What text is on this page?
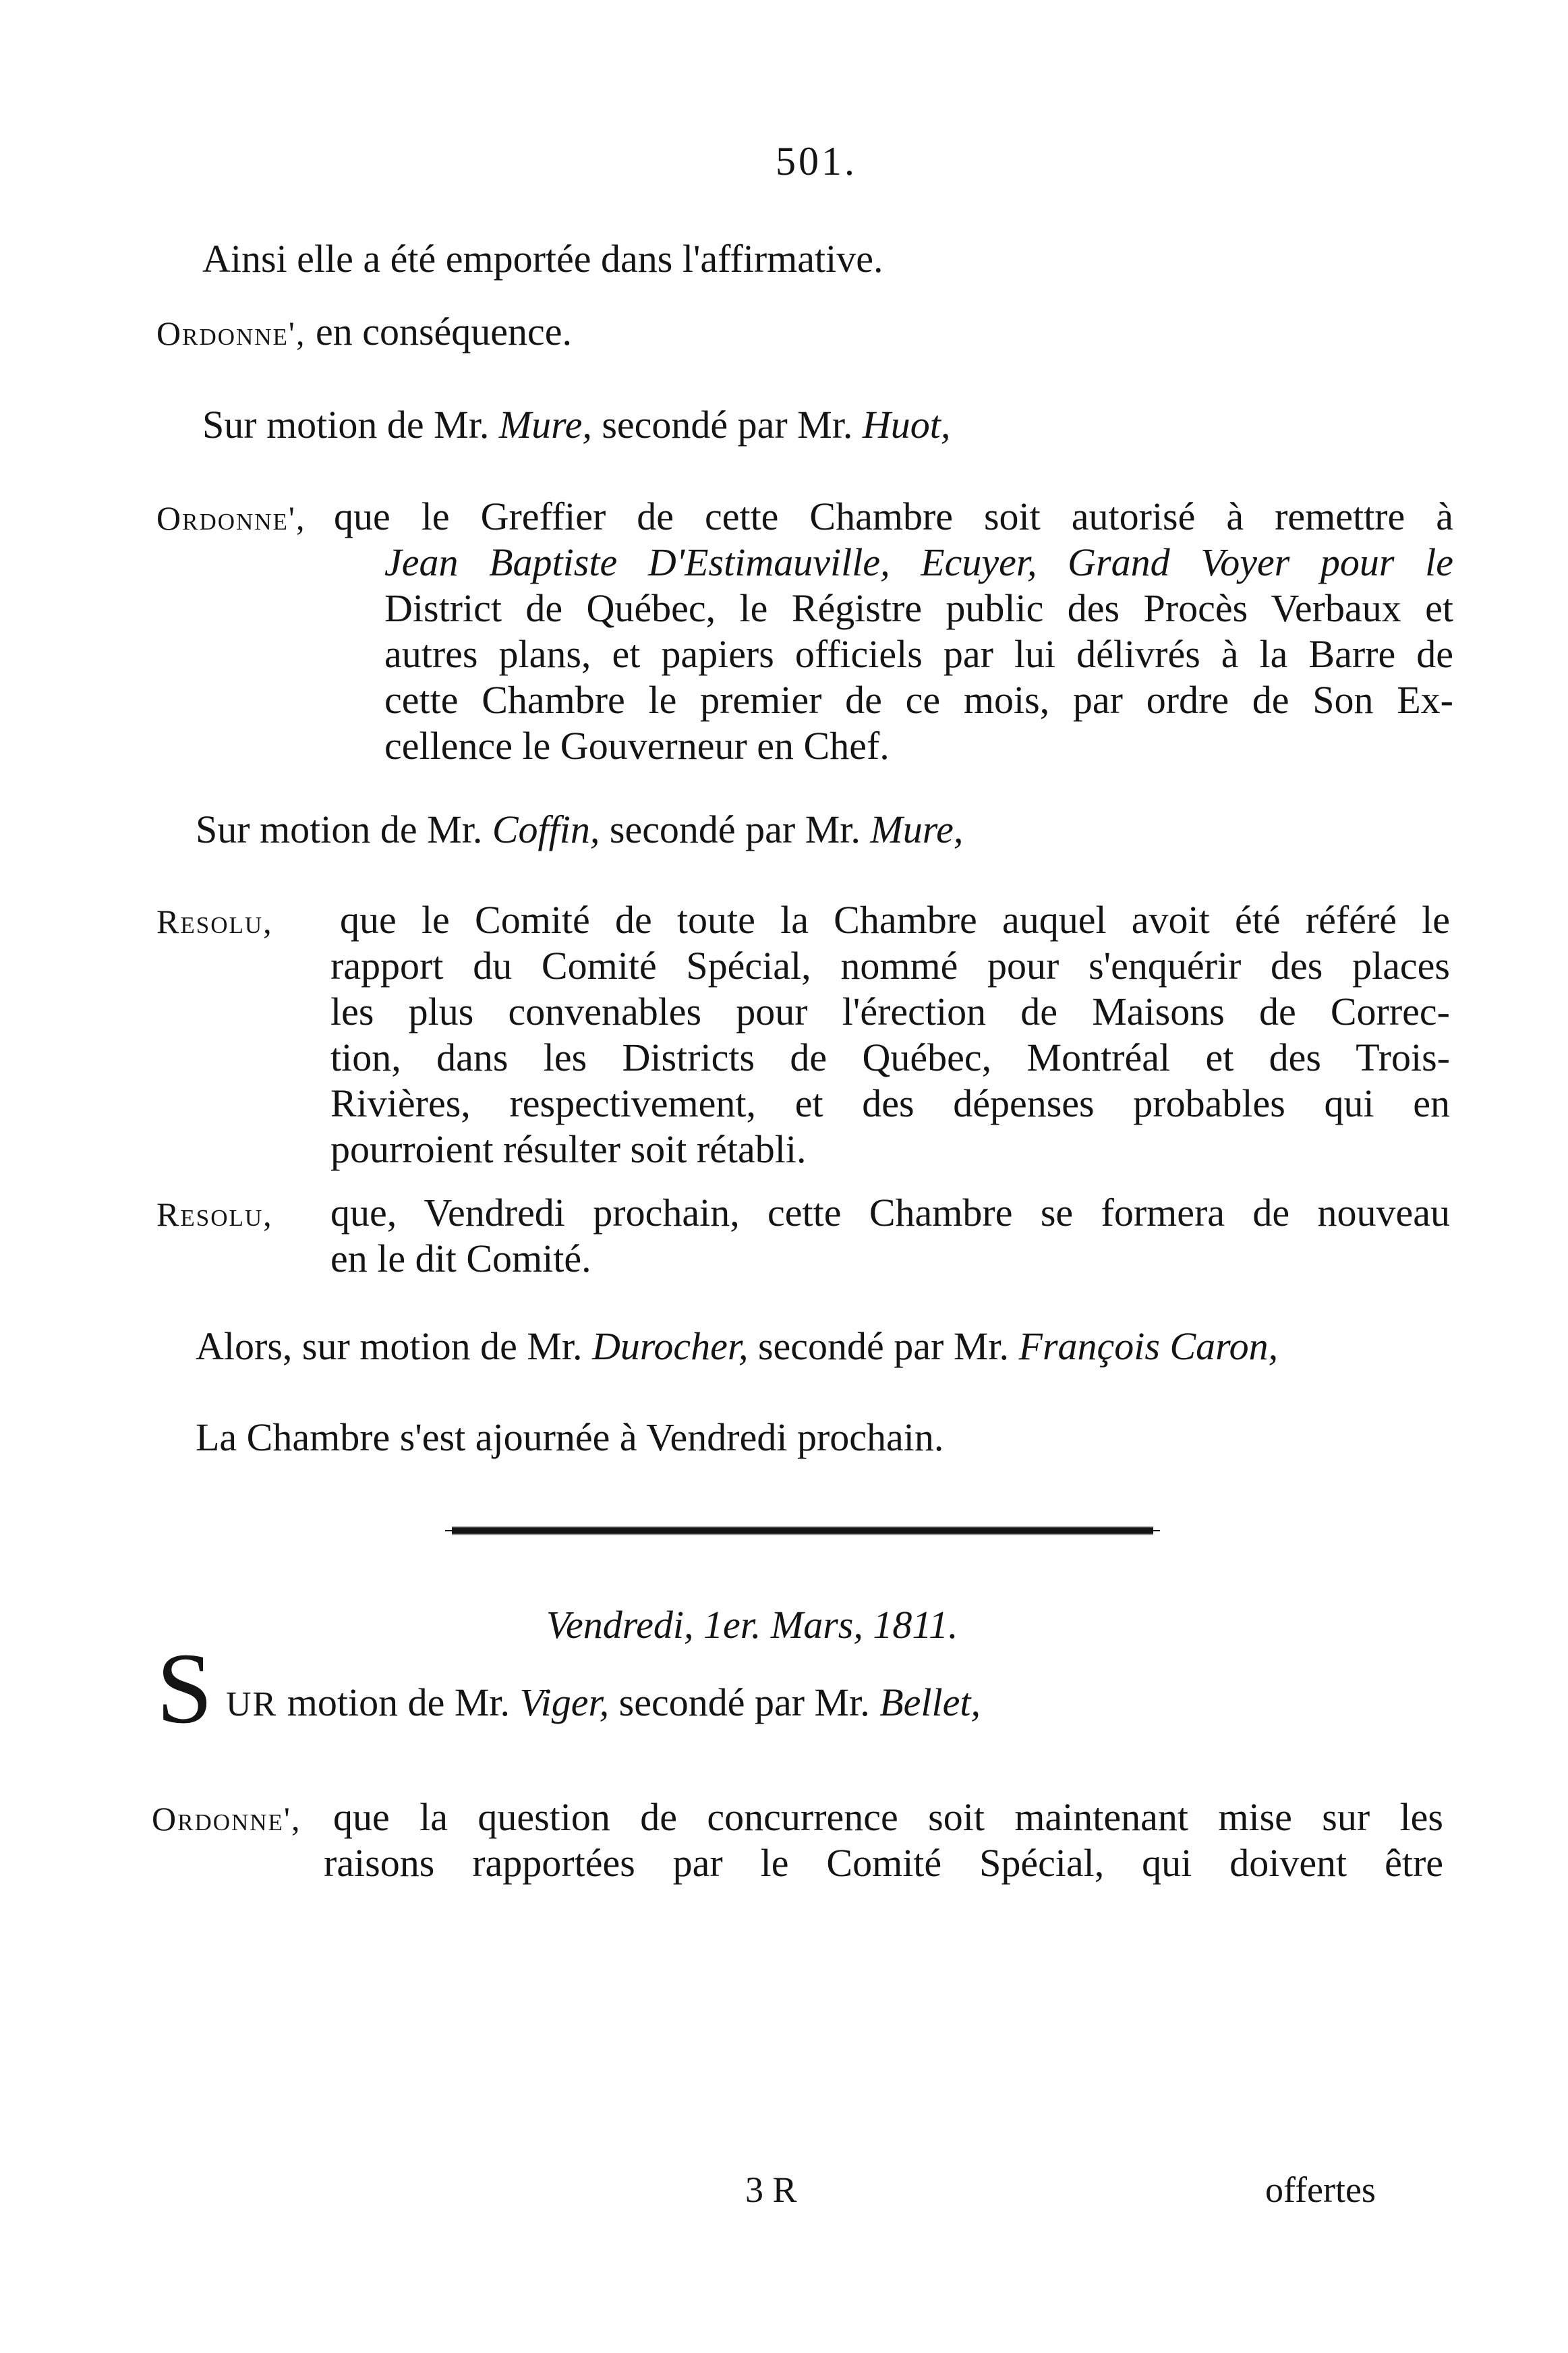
501.
Ainsi elle a été emportée dans l'affirmative.
Ordonne', en conséquence.
Sur motion de Mr. Mure, secondé par Mr. Huot,
Ordonne', que le Greffier de cette Chambre soit autorisé à remettre à
Jean Baptiste D'Estimauville, Ecuyer, Grand Voyer pour le
District de Québec, le Régistre public des Procès Verbaux et
autres plans, et papiers officiels par lui délivrés à la Barre de
cette Chambre le premier de ce mois, par ordre de Son Ex-
cellence le Gouverneur en Chef.
Sur motion de Mr. Coffin, secondé par Mr. Mure,
Resolu, que le Comité de toute la Chambre auquel avoit été référé le
rapport du Comité Spécial, nommé pour s'enquérir des places
les plus convenables pour l'érection de Maisons de Correc-
tion, dans les Districts de Québec, Montréal et des Trois-
Rivières, respectivement, et des dépenses probables qui en
pourroient résulter soit rétabli.
Resolu, que, Vendredi prochain, cette Chambre se formera de nouveau
en le dit Comité.
Alors, sur motion de Mr. Durocher, secondé par Mr. François Caron,
La Chambre s'est ajournée à Vendredi prochain.
Vendredi, 1er. Mars, 1811.
S UR motion de Mr. Viger, secondé par Mr. Bellet,
Ordonne', que la question de concurrence soit maintenant mise sur les
raisons rapportées par le Comité Spécial, qui doivent être
3 R	offertes
